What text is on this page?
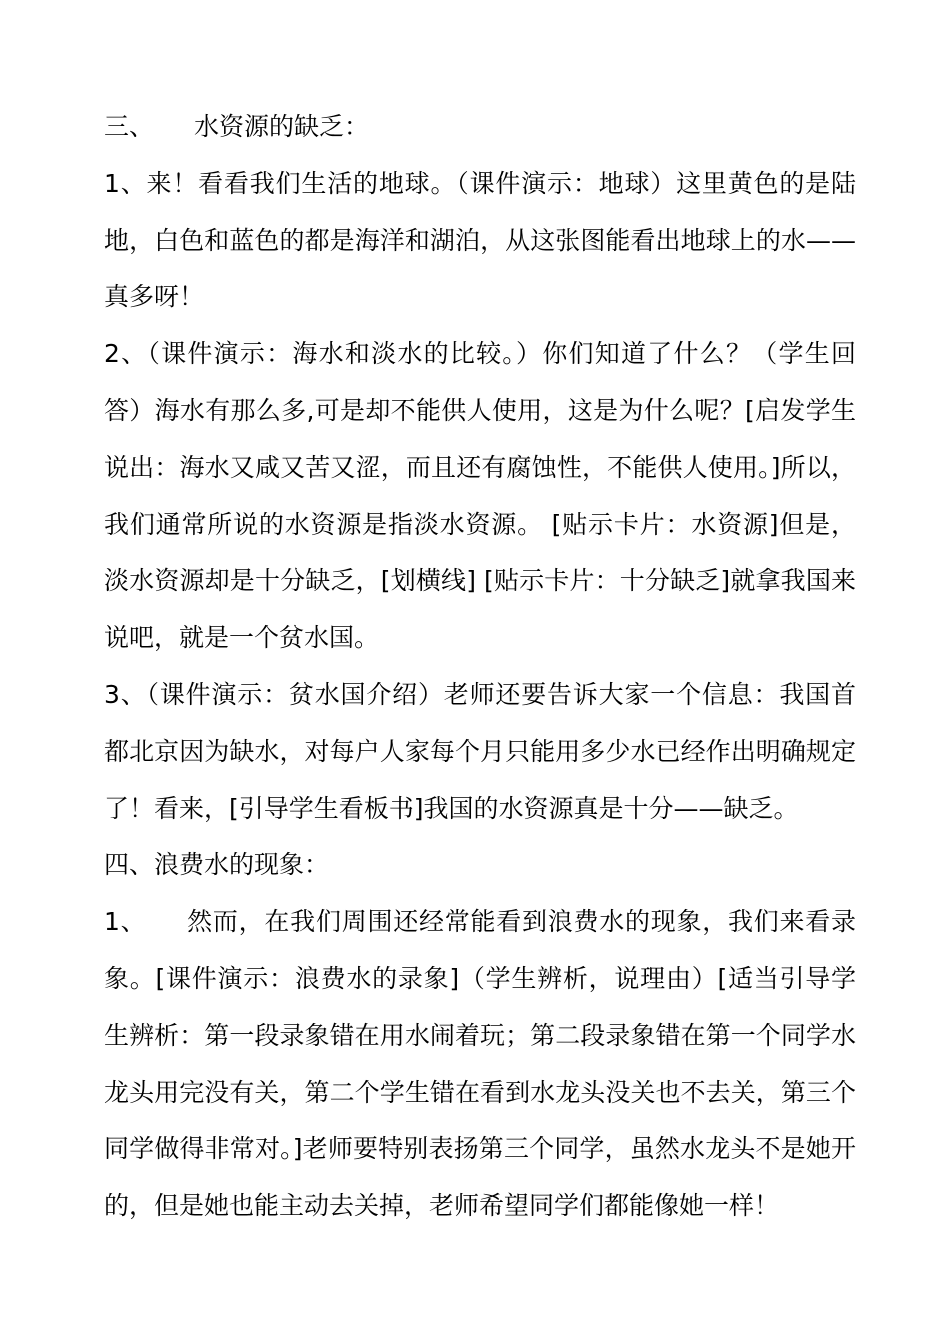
三、 水资源的缺乏：

1、来！看看我们生活的地球。（课件演示：地球）这里黄色的是陆地，白色和蓝色的都是海洋和湖泊，从这张图能看出地球上的水——真多呀！

2、（课件演示：海水和淡水的比较。）你们知道了什么？（学生回答）海水有那么多,可是却不能供人使用，这是为什么呢？[启发学生说出：海水又咸又苦又涩，而且还有腐蚀性，不能供人使用。]所以，我们通常所说的水资源是指淡水资源。 [贴示卡片：水资源]但是，淡水资源却是十分缺乏，[划横线] [贴示卡片：十分缺乏]就拿我国来说吧，就是一个贫水国。

3、（课件演示：贫水国介绍）老师还要告诉大家一个信息：我国首都北京因为缺水，对每户人家每个月只能用多少水已经作出明确规定了！看来，[引导学生看板书]我国的水资源真是十分——缺乏。

四、浪费水的现象：

1、 然而，在我们周围还经常能看到浪费水的现象，我们来看录象。[课件演示：浪费水的录象]（学生辨析，说理由）[适当引导学生辨析：第一段录象错在用水闹着玩；第二段录象错在第一个同学水龙头用完没有关，第二个学生错在看到水龙头没关也不去关，第三个同学做得非常对。]老师要特别表扬第三个同学，虽然水龙头不是她开的，但是她也能主动去关掉，老师希望同学们都能像她一样！
